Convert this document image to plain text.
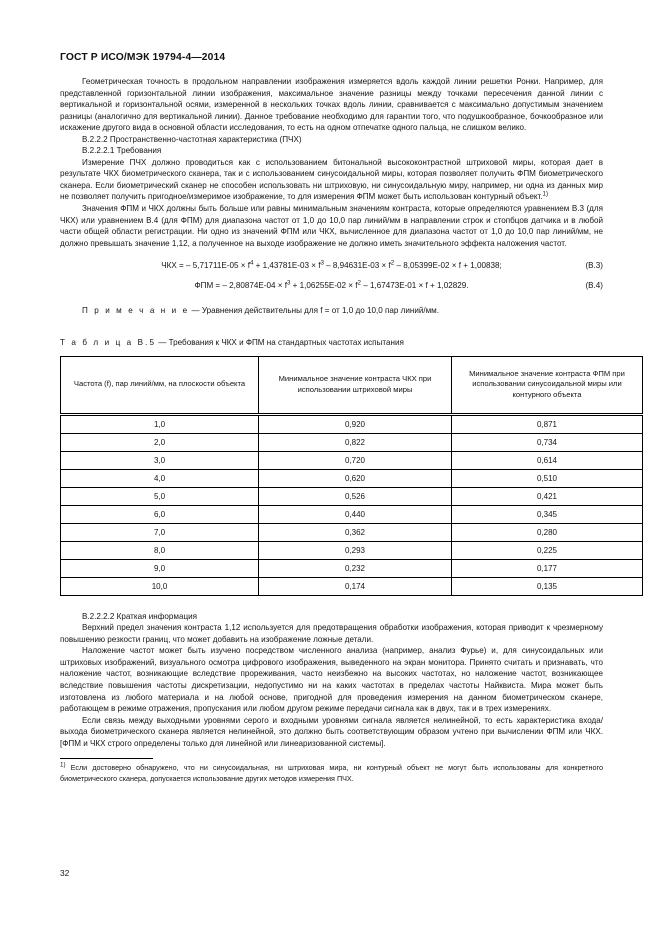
ГОСТ Р ИСО/МЭК 19794-4—2014

Геометрическая точность в продольном направлении изображения измеряется вдоль каждой линии решетки Ронки. Например, для представленной горизонтальной линии изображения, максимальное значение разницы между точками пересечения данной линии с вертикальной и горизонтальной осями, измеренной в нескольких точках вдоль линии, сравнивается с максимально допустимым значением разницы (аналогично для вертикальной линии). Данное требование необходимо для гарантии того, что подушкообразное, бочкообразное или искажение другого вида в основной области исследования, то есть на одном отпечатке одного пальца, не слишком велико.

В.2.2.2 Пространственно-частотная характеристика (ПЧХ)

В.2.2.2.1 Требования

Измерение ПЧХ должно проводиться как с использованием битональной высококонтрастной штриховой миры, которая дает в результате ЧКХ биометрического сканера, так и с использованием синусоидальной миры, которая позволяет получить ФПМ биометрического сканера. Если биометрический сканер не способен использовать ни штриховую, ни синусоидальную миру, например, ни одна из данных мир не позволяет получить пригодное/измеримое изображение, то для измерения ФПМ может быть использован контурный объект.$^{1)}$

Значения ФПМ и ЧКХ должны быть больше или равны минимальным значениям контраста, которые определяются уравнением В.3 (для ЧКХ) или уравнением В.4 (для ФПМ) для диапазона частот от 1,0 до 10,0 пар линий/мм в направлении строк и стопбцов датчика и в любой части общей области регистрации. Ни одно из значений ФПМ или ЧКХ, вычисленное для диапазона частот от 1,0 до 10,0 пар линий/мм, не должно превышать значение 1,12, а полученное на выходе изображение не должно иметь значительного эффекта наложения частот.

ЧКХ = – $5,71711E-05 \times f^4 + 1,43781E-03 \times f^3 - 8,94631E-03 \times f^2 - 8,05399E-02 \times f + 1,00838$;	(В.3)
ФПМ = – $2,80874E-04 \times f^3 + 1,06255E-02 \times f^2 - 1,67473E-01 \times f + 1,02829$.	(В.4)
П р и м е ч а н и е — Уравнения действительны для f = от 1,0 до 10,0 пар линий/мм.
Т а б л и ц а В.5 — Требования к ЧКХ и ФПМ на стандартных частотах испытания
Частота (f), пар линий/мм, на плоскости объекта	Минимальное значение контраста ЧКХ при использовании штриховой миры	Минимальное значение контраста ФПМ при использовании синусоидальной миры или контурного объекта
1,0	0,920	0,871
2,0	0,822	0,734
3,0	0,720	0,614
4,0	0,620	0,510
5,0	0,526	0,421
6,0	0,440	0,345
7,0	0,362	0,280
8,0	0,293	0,225
9,0	0,232	0,177
10,0	0,174	0,135

В.2.2.2.2 Краткая информация

Верхний предел значения контраста 1,12 используется для предотвращения обработки изображения, которая приводит к чрезмерному повышению резкости границ, что может добавить на изображение ложные детали.

Наложение частот может быть изучено посредством численного анализа (например, анализ Фурье) и, для синусоидальных или штриховых изображений, визуального осмотра цифрового изображения, выведенного на экран монитора. Принято считать и признавать, что наложение частот, возникающие вследствие прореживания, часто неизбежно на высоких частотах, но наложение частот, возникающее вследствие повышения частоты дискретизации, недопустимо ни на каких частотах в пределах частоты Найквиста. Мира может быть изготовлена из любого материала и на любой основе, пригодной для проведения измерения на данном биометрическом сканере, работающем в режиме отражения, пропускания или любом другом режиме передачи сигнала как в двух, так и в трех измерениях.

Если связь между выходными уровнями серого и входными уровнями сигнала является нелинейной, то есть характеристика входа/выхода биометрического сканера является нелинейной, это должно быть соответствующим образом учтено при вычислении ФПМ или ЧКХ. [ФПМ и ЧКХ строго определены только для линейной или линеаризованной системы].

$^{1)}$ Если достоверно обнаружено, что ни синусоидальная, ни штриховая мира, ни контурный объект не могут быть использованы для конкретного биометрического сканера, допускается использование других методов измерения ПЧХ.
32
